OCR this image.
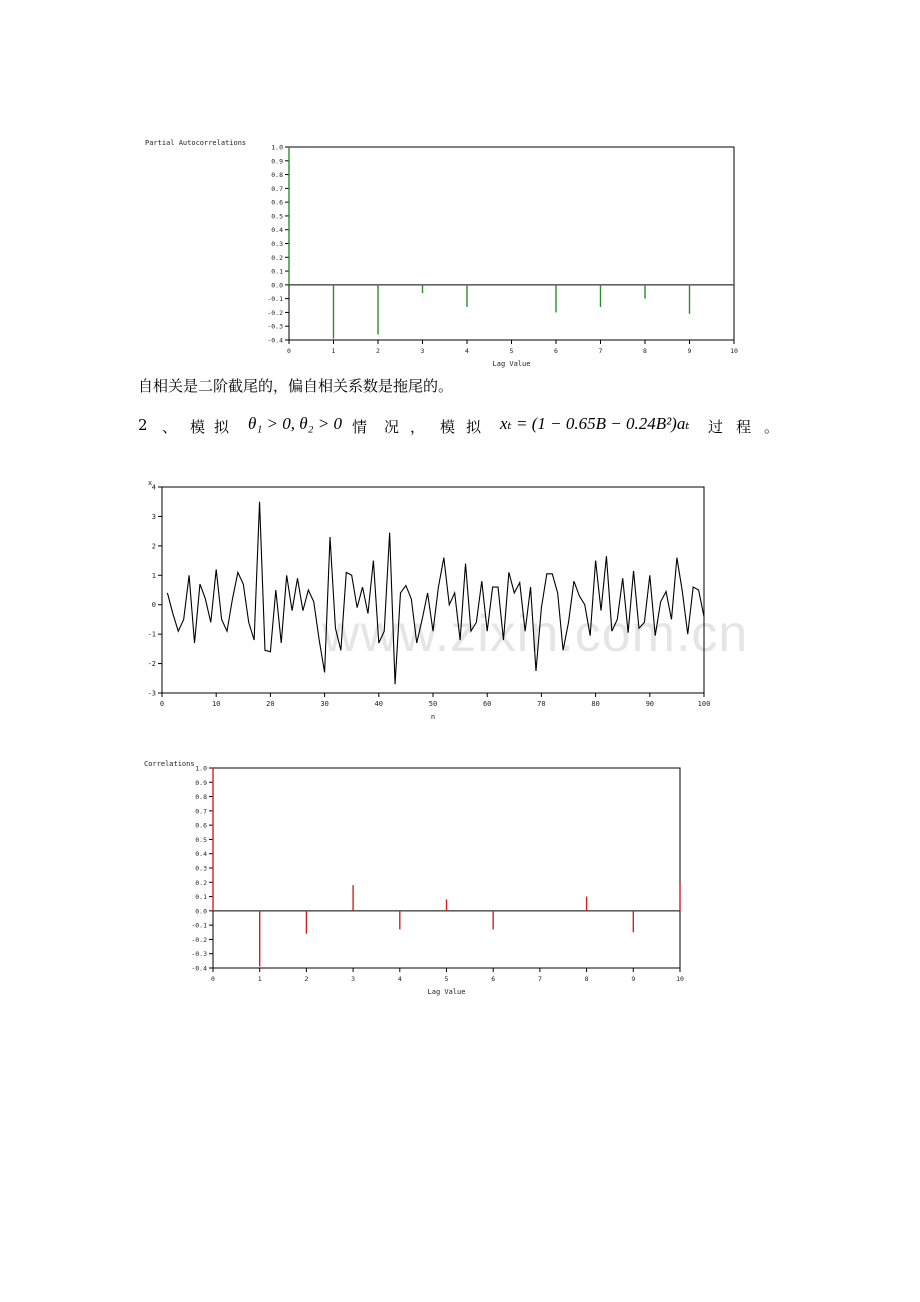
1.0
0.9
0.8
0.7
0.6
0.5
0.4
0.3
0.2
0.1
0.0
-0.1
-0.2
-0.3
-0.4
0	1	2	3	4	5	6	7	8	9	10
Partial Autocorrelations
Lag Value

自相关是二阶截尾的，偏自相关系数是拖尾的。

2 、 模 拟 θ₁ > 0, θ₂ > 0 情 况 ， 模 拟 xₜ = (1 − 0.65B − 0.24B²)aₜ 过 程 。
4
3
2
1
0
-1
-2
-3
0	10	20	30	40	50	60	70	80	90	100
x
n
www.zixin.com.cn
1.0
0.9
0.8
0.7
0.6
0.5
0.4
0.3
0.2
0.1
0.0
-0.1
-0.2
-0.3
-0.4
0	1	2	3	4	5	6	7	8	9	10
Correlations
Lag Value
